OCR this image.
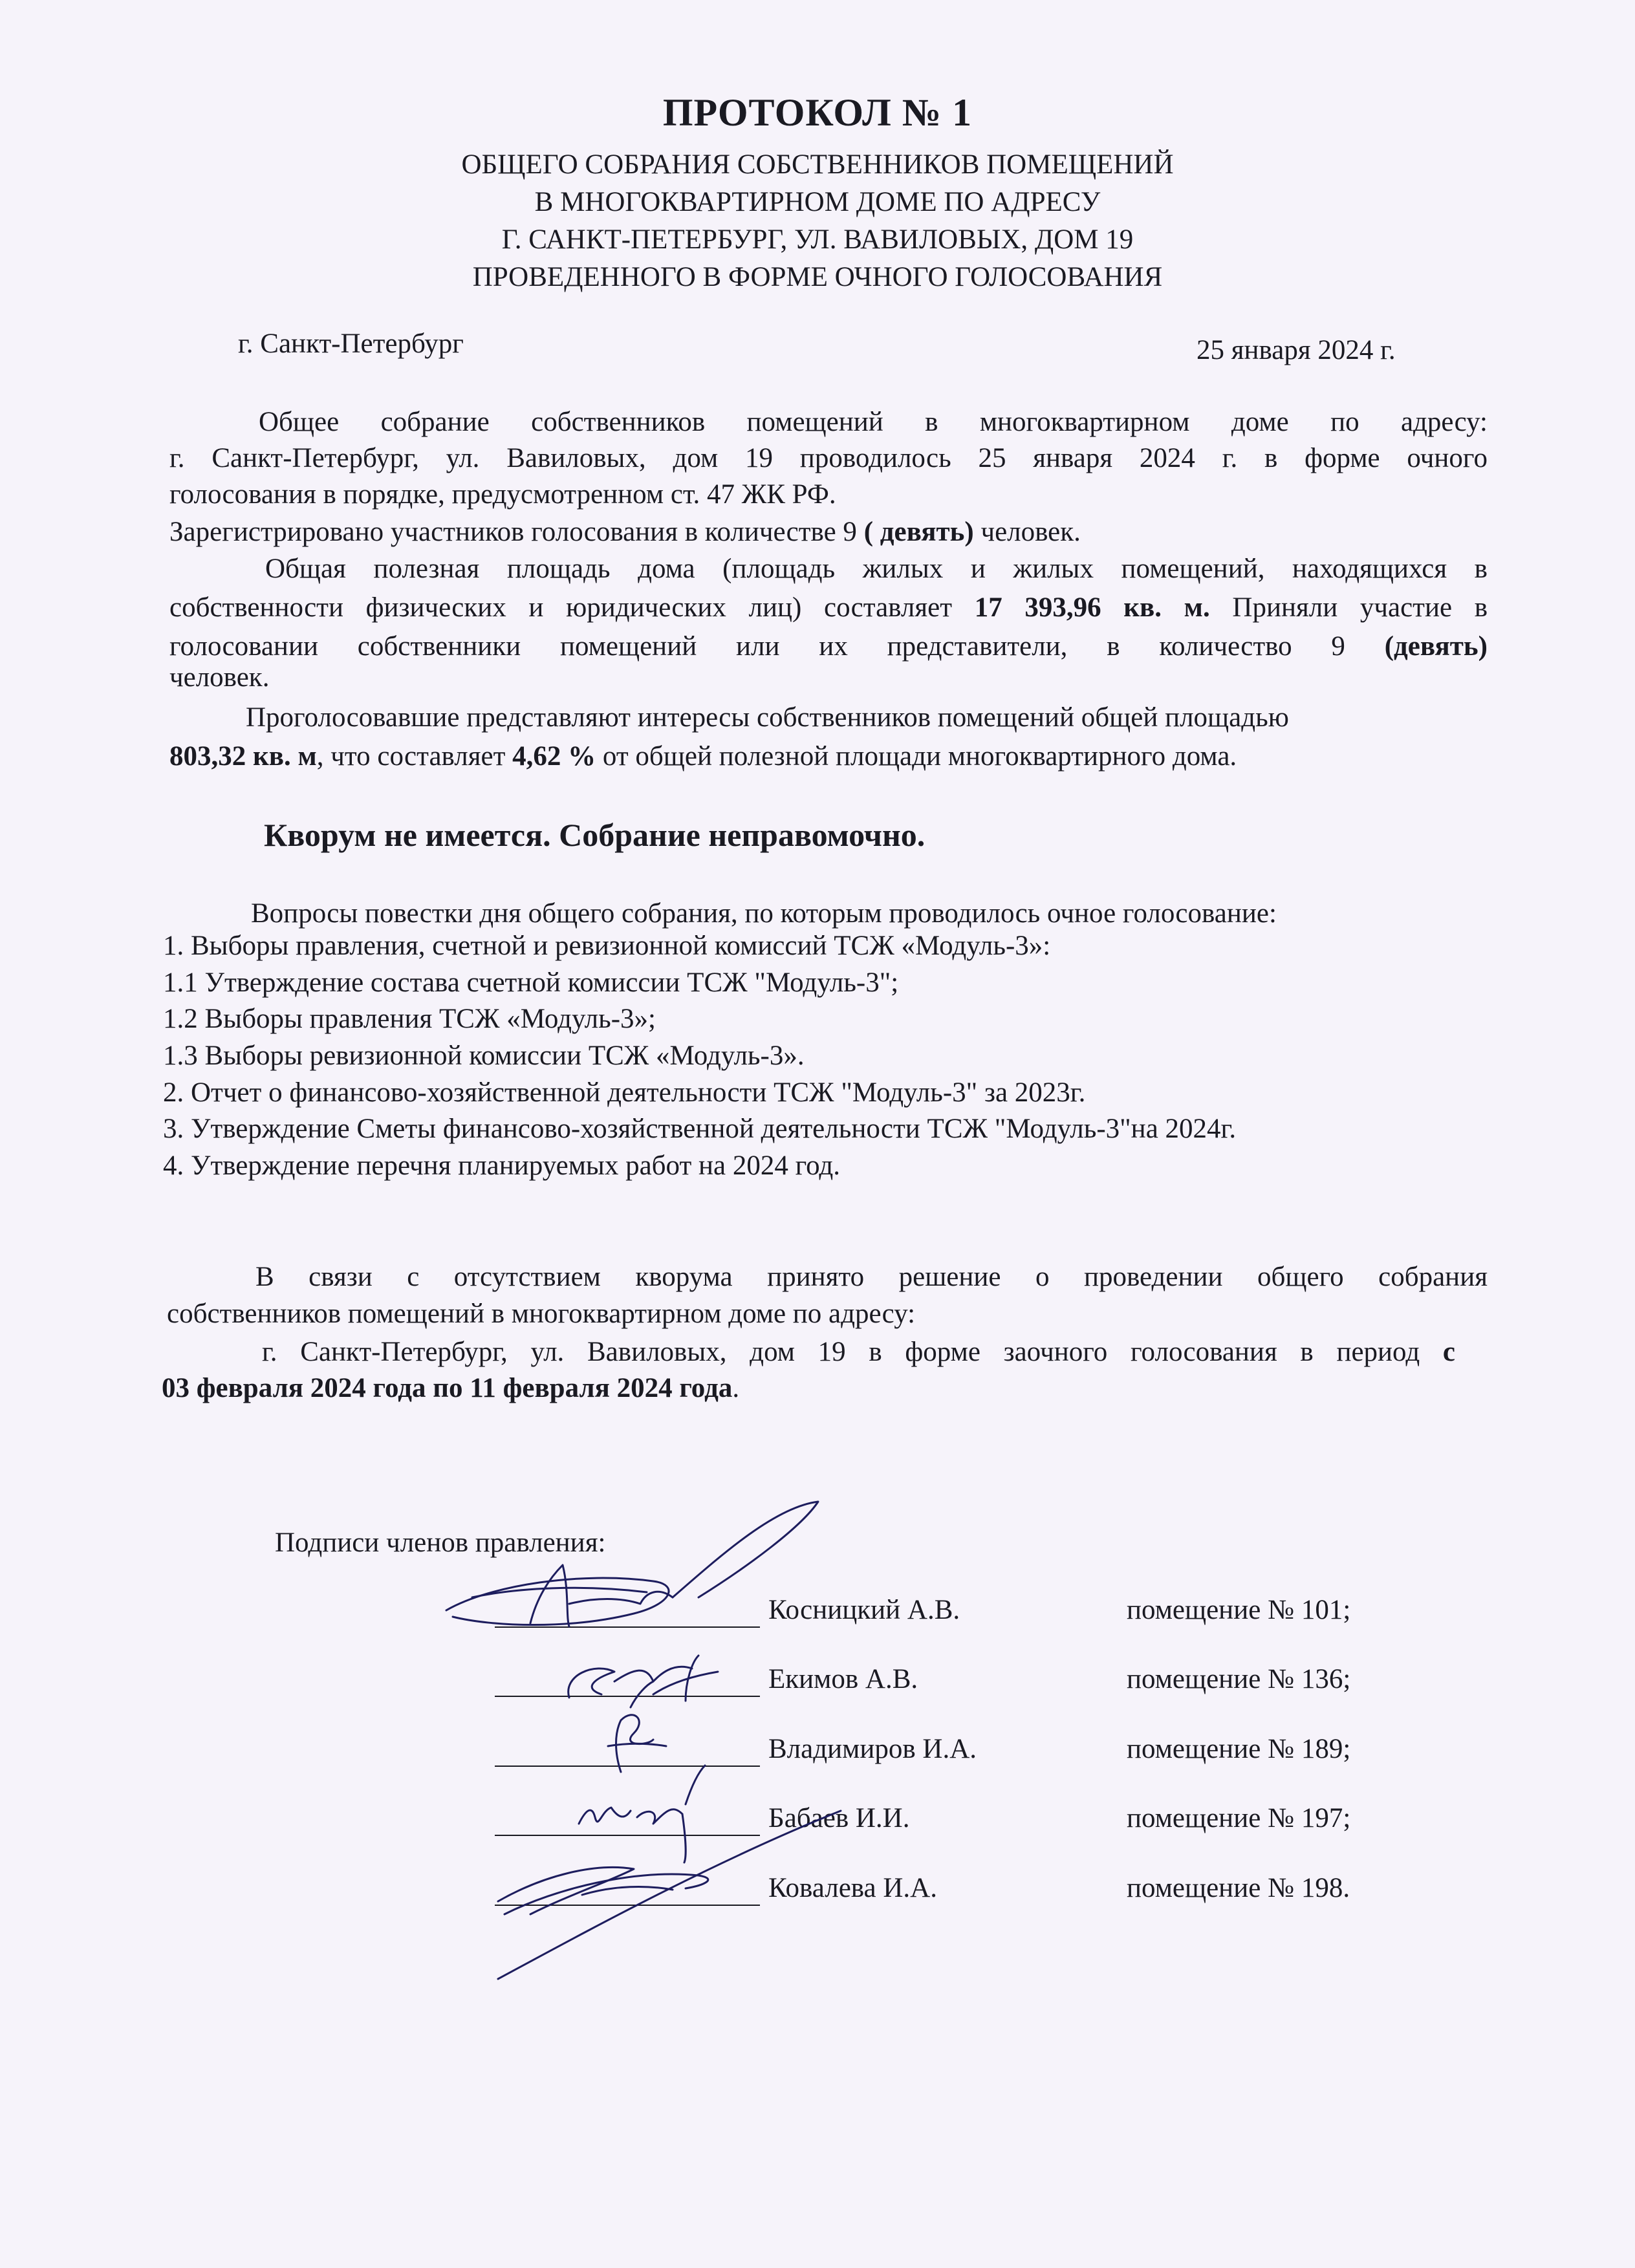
ПРОТОКОЛ № 1
ОБЩЕГО СОБРАНИЯ СОБСТВЕННИКОВ ПОМЕЩЕНИЙ
В МНОГОКВАРТИРНОМ ДОМЕ ПО АДРЕСУ
Г. САНКТ-ПЕТЕРБУРГ, УЛ. ВАВИЛОВЫХ, ДОМ 19
ПРОВЕДЕННОГО В ФОРМЕ ОЧНОГО ГОЛОСОВАНИЯ
г. Санкт-Петербург	25 января 2024 г.
Общее собрание собственников помещений в многоквартирном доме по адресу:
г. Санкт-Петербург, ул. Вавиловых, дом 19 проводилось 25 января 2024 г. в форме очного
голосования в порядке, предусмотренном ст. 47 ЖК РФ.
Зарегистрировано участников голосования в количестве 9 ( девять) человек.
Общая полезная площадь дома (площадь жилых и жилых помещений, находящихся в
собственности физических и юридических лиц) составляет 17 393,96 кв. м. Приняли участие в
голосовании собственники помещений или их представители, в количество 9 (девять)
человек.
Проголосовавшие представляют интересы собственников помещений общей площадью
803,32 кв. м, что составляет 4,62 % от общей полезной площади многоквартирного дома.
Кворум не имеется. Собрание неправомочно.
Вопросы повестки дня общего собрания, по которым проводилось очное голосование:
1. Выборы правления, счетной и ревизионной комиссий ТСЖ «Модуль-3»:
1.1 Утверждение состава счетной комиссии ТСЖ "Модуль-3";
1.2 Выборы правления ТСЖ «Модуль-3»;
1.3 Выборы ревизионной комиссии ТСЖ «Модуль-3».
2. Отчет о финансово-хозяйственной деятельности ТСЖ "Модуль-3" за 2023г.
3. Утверждение Сметы финансово-хозяйственной деятельности ТСЖ "Модуль-3"на 2024г.
4. Утверждение перечня планируемых работ на 2024 год.
В связи с отсутствием кворума принято решение о проведении общего собрания
собственников помещений в многоквартирном доме по адресу:
г. Санкт-Петербург, ул. Вавиловых, дом 19 в форме заочного голосования в период с
03 февраля 2024 года по 11 февраля 2024 года.
Подписи членов правления:
Косницкий А.В.	помещение № 101;
Екимов А.В.	помещение № 136;
Владимиров И.А.	помещение № 189;
Бабаев И.И.	помещение № 197;
Ковалева И.А.	помещение № 198.
